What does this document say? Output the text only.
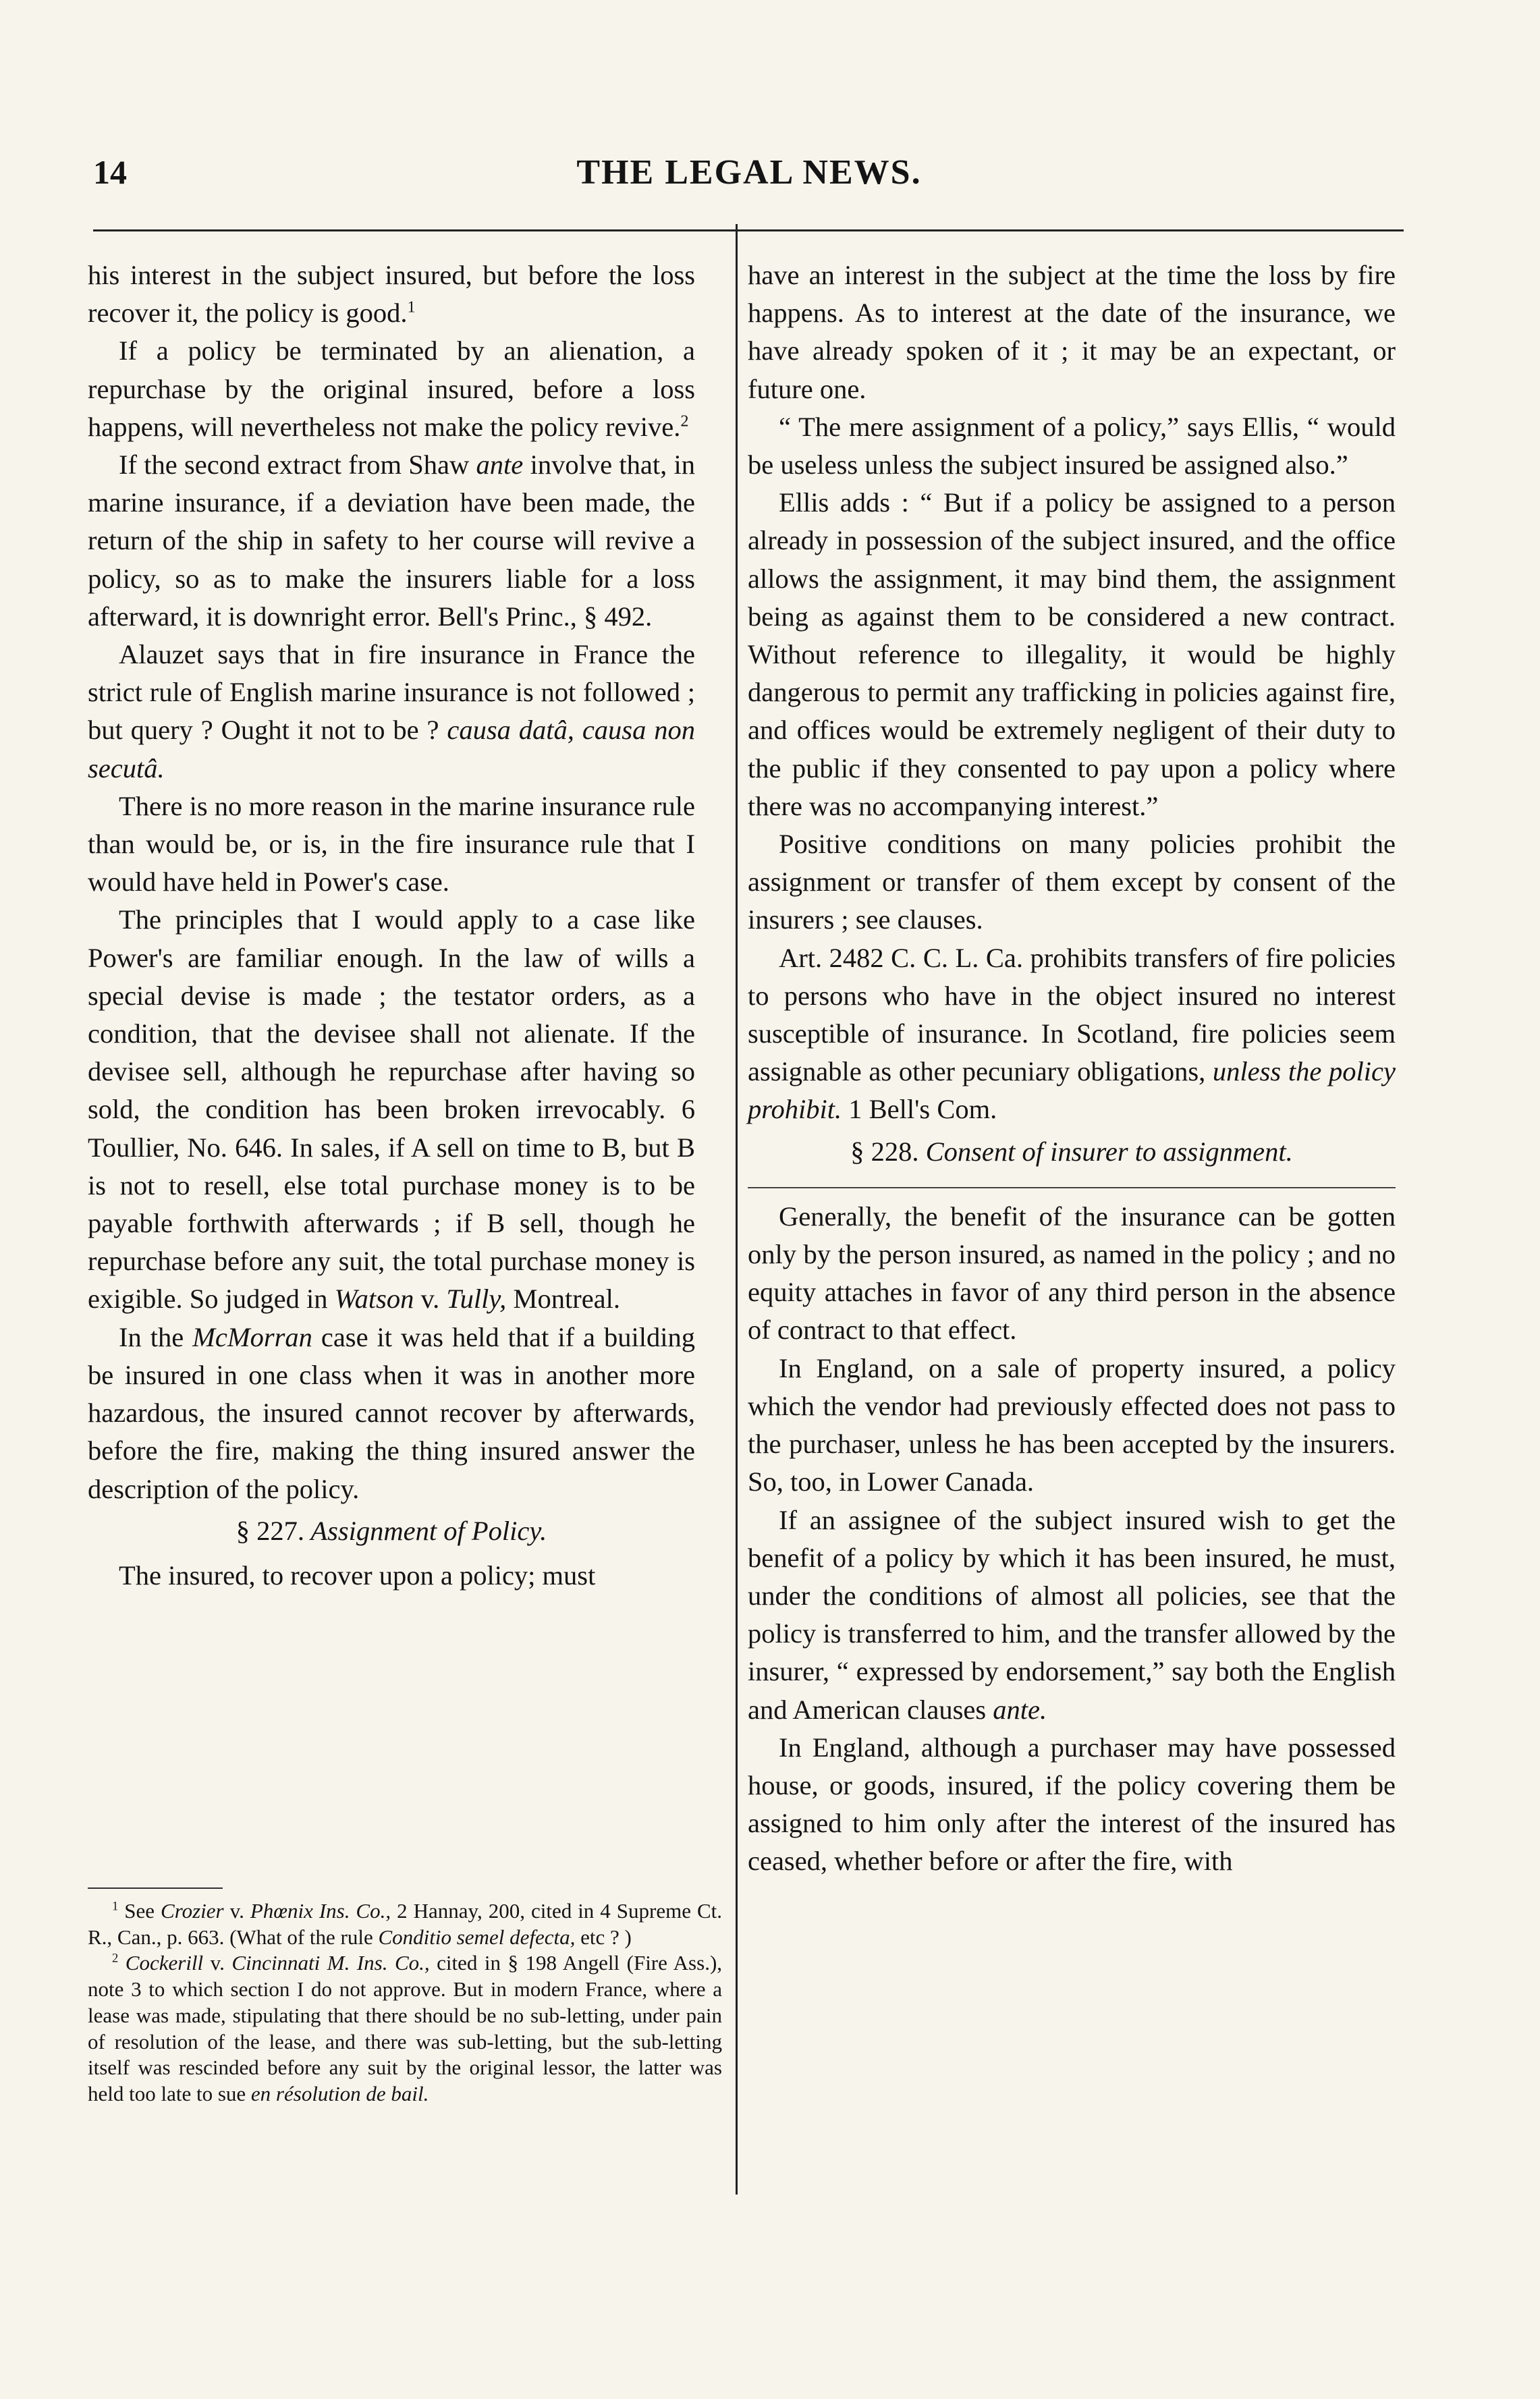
14	THE LEGAL NEWS.

his interest in the subject insured, but before the loss recover it, the policy is good.$^1$

If a policy be terminated by an alienation, a repurchase by the original insured, before a loss happens, will nevertheless not make the policy revive.$^2$

If the second extract from Shaw ante involve that, in marine insurance, if a deviation have been made, the return of the ship in safety to her course will revive a policy, so as to make the insurers liable for a loss afterward, it is downright error. Bell's Princ., § 492.

Alauzet says that in fire insurance in France the strict rule of English marine insurance is not followed ; but query ? Ought it not to be ? causa datâ, causa non secutâ.

There is no more reason in the marine insurance rule than would be, or is, in the fire insurance rule that I would have held in Power's case.

The principles that I would apply to a case like Power's are familiar enough. In the law of wills a special devise is made ; the testator orders, as a condition, that the devisee shall not alienate. If the devisee sell, although he repurchase after having so sold, the condition has been broken irrevocably. 6 Toullier, No. 646. In sales, if A sell on time to B, but B is not to resell, else total purchase money is to be payable forthwith afterwards ; if B sell, though he repurchase before any suit, the total purchase money is exigible. So judged in Watson v. Tully, Montreal.

In the McMorran case it was held that if a building be insured in one class when it was in another more hazardous, the insured cannot recover by afterwards, before the fire, making the thing insured answer the description of the policy.

§ 227. Assignment of Policy.

The insured, to recover upon a policy; must

have an interest in the subject at the time the loss by fire happens. As to interest at the date of the insurance, we have already spoken of it ; it may be an expectant, or future one.

“ The mere assignment of a policy,” says Ellis, “ would be useless unless the subject insured be assigned also.”

Ellis adds : “ But if a policy be assigned to a person already in possession of the subject insured, and the office allows the assignment, it may bind them, the assignment being as against them to be considered a new contract. Without reference to illegality, it would be highly dangerous to permit any trafficking in policies against fire, and offices would be extremely negligent of their duty to the public if they consented to pay upon a policy where there was no accompanying interest.”

Positive conditions on many policies prohibit the assignment or transfer of them except by consent of the insurers ; see clauses.

Art. 2482 C. C. L. Ca. prohibits transfers of fire policies to persons who have in the object insured no interest susceptible of insurance. In Scotland, fire policies seem assignable as other pecuniary obligations, unless the policy prohibit. 1 Bell's Com.

§ 228. Consent of insurer to assignment.

Generally, the benefit of the insurance can be gotten only by the person insured, as named in the policy ; and no equity attaches in favor of any third person in the absence of contract to that effect.

In England, on a sale of property insured, a policy which the vendor had previously effected does not pass to the purchaser, unless he has been accepted by the insurers. So, too, in Lower Canada.

If an assignee of the subject insured wish to get the benefit of a policy by which it has been insured, he must, under the conditions of almost all policies, see that the policy is transferred to him, and the transfer allowed by the insurer, “ expressed by endorsement,” say both the English and American clauses ante.

In England, although a purchaser may have possessed house, or goods, insured, if the policy covering them be assigned to him only after the interest of the insured has ceased, whether before or after the fire, with

$^1$ See Crozier v. Phœnix Ins. Co., 2 Hannay, 200, cited in 4 Supreme Ct. R., Can., p. 663. (What of the rule Conditio semel defecta, etc ? )

$^2$ Cockerill v. Cincinnati M. Ins. Co., cited in § 198 Angell (Fire Ass.), note 3 to which section I do not approve. But in modern France, where a lease was made, stipulating that there should be no sub-letting, under pain of resolution of the lease, and there was sub-letting, but the sub-letting itself was rescinded before any suit by the original lessor, the latter was held too late to sue en résolution de bail.
